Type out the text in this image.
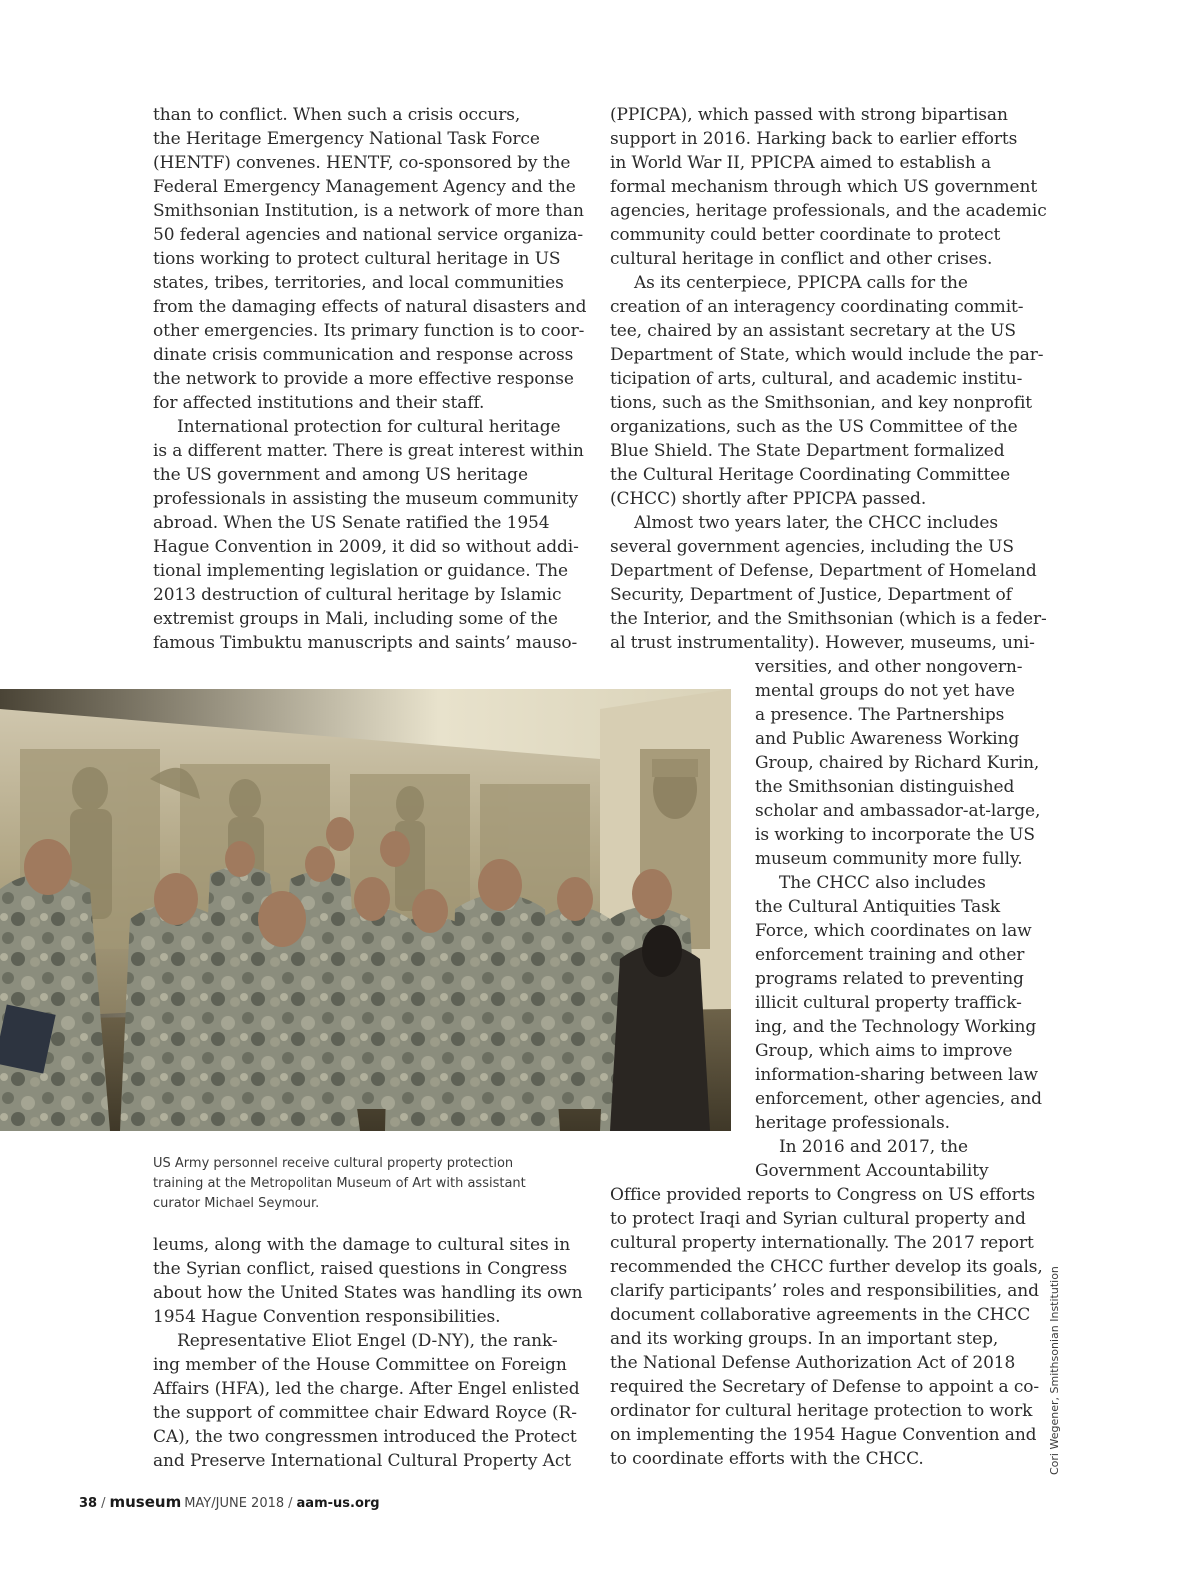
than to conflict. When such a crisis occurs,
the Heritage Emergency National Task Force
(HENTF) convenes. HENTF, co-sponsored by the
Federal Emergency Management Agency and the
Smithsonian Institution, is a network of more than
50 federal agencies and national service organiza-
tions working to protect cultural heritage in US
states, tribes, territories, and local communities
from the damaging effects of natural disasters and
other emergencies. Its primary function is to coor-
dinate crisis communication and response across
the network to provide a more effective response
for affected institutions and their staff.
International protection for cultural heritage
is a different matter. There is great interest within
the US government and among US heritage
professionals in assisting the museum community
abroad. When the US Senate ratified the 1954
Hague Convention in 2009, it did so without addi-
tional implementing legislation or guidance. The
2013 destruction of cultural heritage by Islamic
extremist groups in Mali, including some of the
famous Timbuktu manuscripts and saints’ mauso-
(PPICPA), which passed with strong bipartisan
support in 2016. Harking back to earlier efforts
in World War II, PPICPA aimed to establish a
formal mechanism through which US government
agencies, heritage professionals, and the academic
community could better coordinate to protect
cultural heritage in conflict and other crises.
As its centerpiece, PPICPA calls for the
creation of an interagency coordinating commit-
tee, chaired by an assistant secretary at the US
Department of State, which would include the par-
ticipation of arts, cultural, and academic institu-
tions, such as the Smithsonian, and key nonprofit
organizations, such as the US Committee of the
Blue Shield. The State Department formalized
the Cultural Heritage Coordinating Committee
(CHCC) shortly after PPICPA passed.
Almost two years later, the CHCC includes
several government agencies, including the US
Department of Defense, Department of Homeland
Security, Department of Justice, Department of
the Interior, and the Smithsonian (which is a feder-
al trust instrumentality). However, museums, uni-
versities, and other nongovern-
mental groups do not yet have
a presence. The Partnerships
and Public Awareness Working
Group, chaired by Richard Kurin,
the Smithsonian distinguished
scholar and ambassador-at-large,
is working to incorporate the US
museum community more fully.
The CHCC also includes
the Cultural Antiquities Task
Force, which coordinates on law
enforcement training and other
programs related to preventing
illicit cultural property traffick-
ing, and the Technology Working
Group, which aims to improve
information-sharing between law
enforcement, other agencies, and
heritage professionals.
In 2016 and 2017, the
Government Accountability
Office provided reports to Congress on US efforts
to protect Iraqi and Syrian cultural property and
cultural property internationally. The 2017 report
recommended the CHCC further develop its goals,
clarify participants’ roles and responsibilities, and
document collaborative agreements in the CHCC
and its working groups. In an important step,
the National Defense Authorization Act of 2018
required the Secretary of Defense to appoint a co-
ordinator for cultural heritage protection to work
on implementing the 1954 Hague Convention and
to coordinate efforts with the CHCC.
US Army personnel receive cultural property protection
training at the Metropolitan Museum of Art with assistant
curator Michael Seymour.
leums, along with the damage to cultural sites in
the Syrian conflict, raised questions in Congress
about how the United States was handling its own
1954 Hague Convention responsibilities.
Representative Eliot Engel (D-NY), the rank-
ing member of the House Committee on Foreign
Affairs (HFA), led the charge. After Engel enlisted
the support of committee chair Edward Royce (R-
CA), the two congressmen introduced the Protect
and Preserve International Cultural Property Act	Cori Wegener, Smithsonian Institution
38 / museum MAY/JUNE 2018 / aam-us.org
